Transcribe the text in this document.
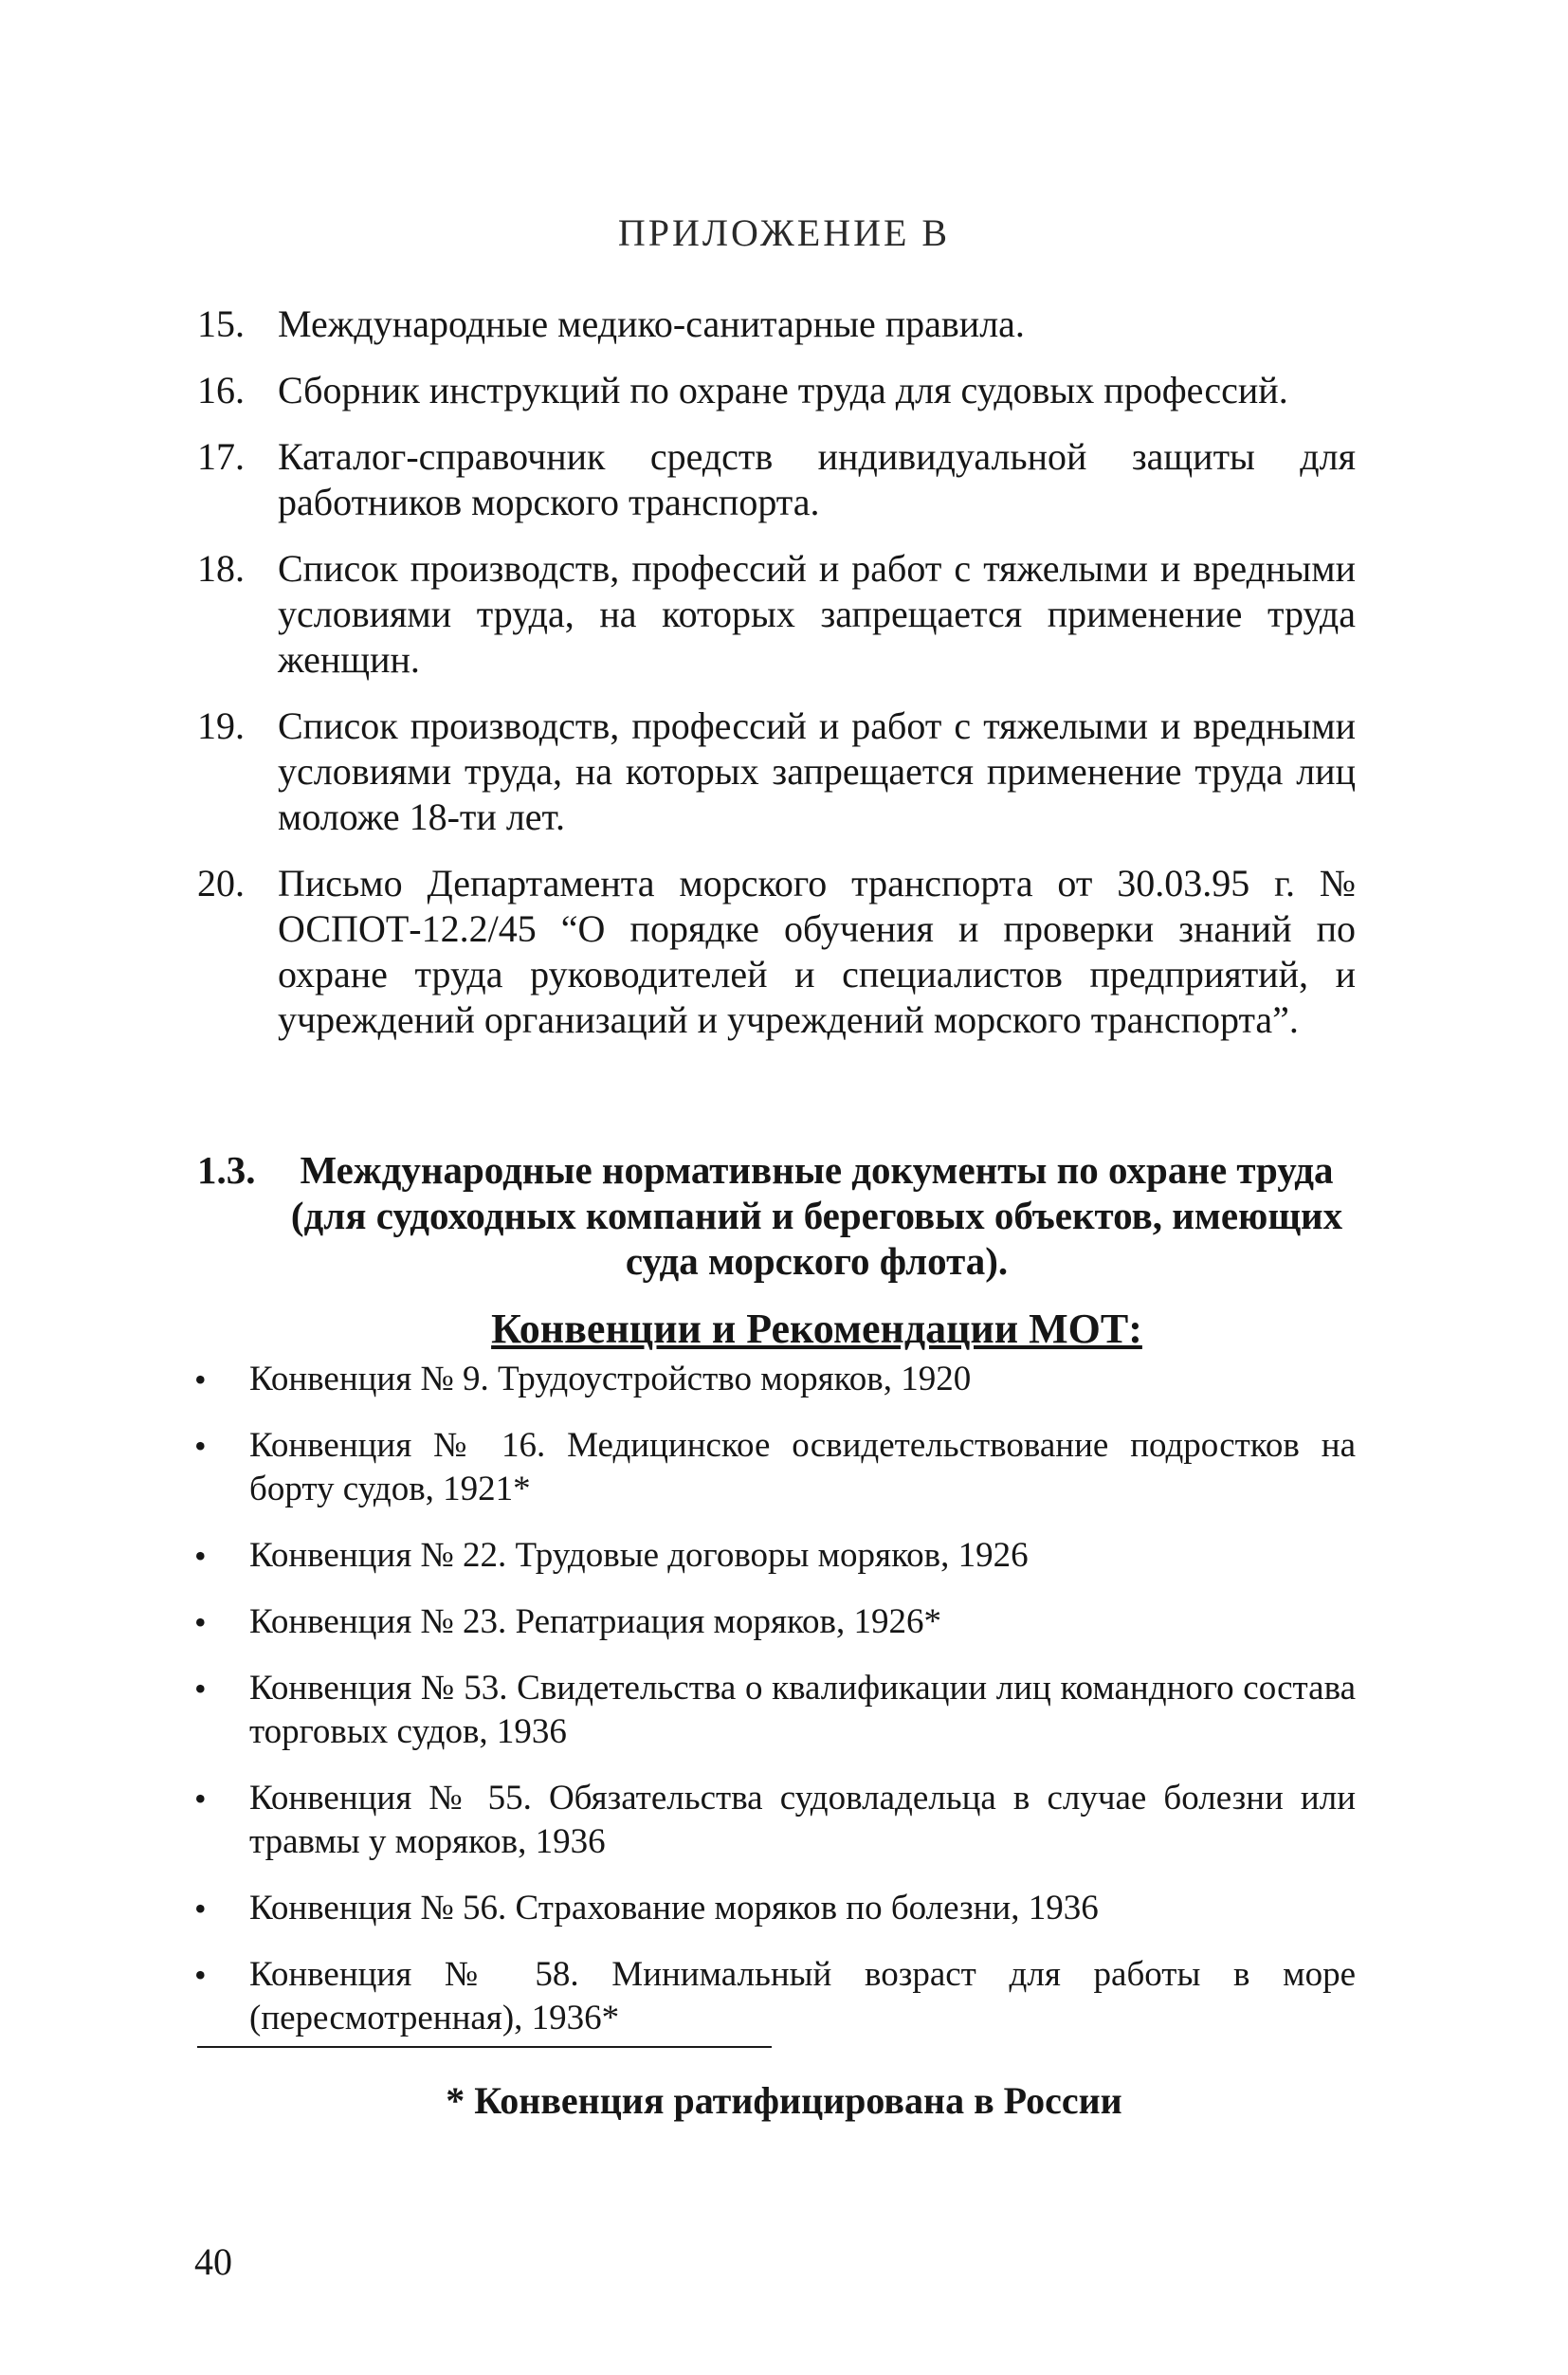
ПРИЛОЖЕНИЕ В
15. Международные медико-санитарные правила.
16. Сборник инструкций по охране труда для судовых профессий.
17. Каталог-справочник средств индивидуальной защиты для работников морского транспорта.
18. Список производств, профессий и работ с тяжелыми и вредными условиями труда, на которых запрещается применение труда женщин.
19. Список производств, профессий и работ с тяжелыми и вредными условиями труда, на которых запрещается применение труда лиц моложе 18-ти лет.
20. Письмо Департамента морского транспорта от 30.03.95 г. № ОСПОТ-12.2/45 “О порядке обучения и проверки знаний по охране труда руководителей и специалистов предприятий, и учреждений организаций и учреждений морского транспорта”.
1.3.	Международные нормативные документы по охране труда (для судоходных компаний и береговых объектов, имеющих суда морского флота).
Конвенции и Рекомендации МОТ:
•	Конвенция № 9. Трудоустройство моряков, 1920
•	Конвенция № 16. Медицинское освидетельствование подростков на борту судов, 1921*
•	Конвенция № 22. Трудовые договоры моряков, 1926
•	Конвенция № 23. Репатриация моряков, 1926*
•	Конвенция № 53. Свидетельства о квалификации лиц командного состава торговых судов, 1936
•	Конвенция № 55. Обязательства судовладельца в случае болезни или травмы у моряков, 1936
•	Конвенция № 56. Страхование моряков по болезни, 1936
•	Конвенция № 58. Минимальный возраст для работы в море (пересмотренная), 1936*
* Конвенция ратифицирована в России
40
